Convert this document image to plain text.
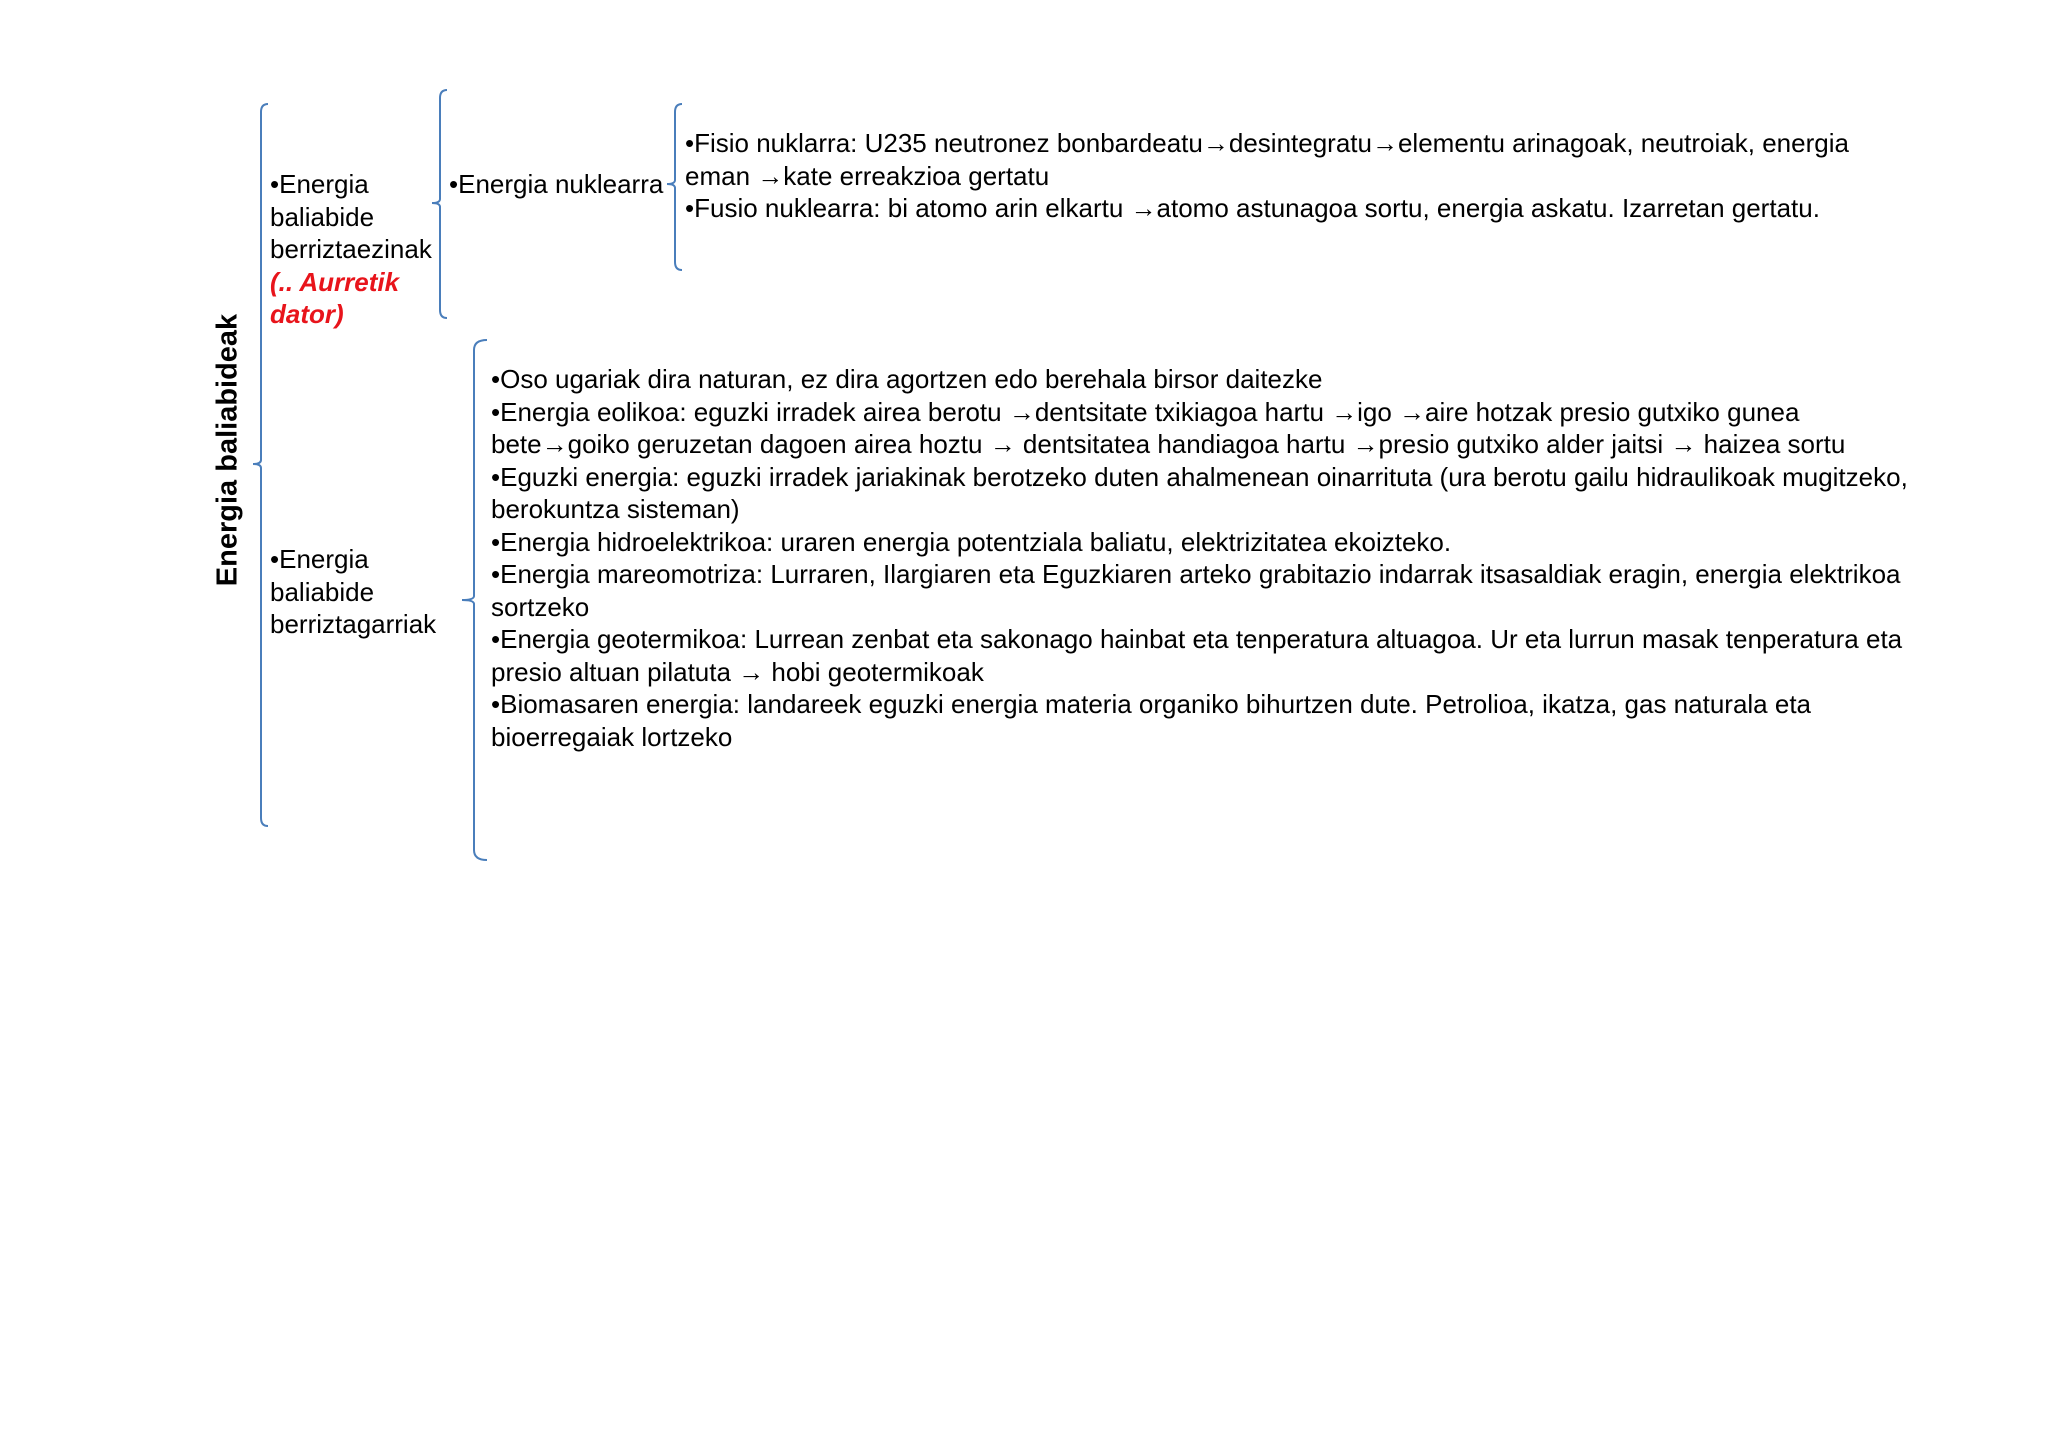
Energia baliabideak
•Energia baliabide berriztaezinak
(.. Aurretik dator)
•Energia nuklearra

•Fisio nuklarra: U235 neutronez bonbardeatu→desintegratu→elementu arinagoak, neutroiak, energia eman →kate erreakzioa gertatu

•Fusio nuklearra: bi atomo arin elkartu →atomo astunagoa sortu, energia askatu. Izarretan gertatu.

•Energia baliabide berriztagarriak

•Oso ugariak dira naturan, ez dira agortzen edo berehala birsor daitezke

•Energia eolikoa: eguzki irradek airea berotu →dentsitate txikiagoa hartu →igo →aire hotzak presio gutxiko gunea bete→goiko geruzetan dagoen airea hoztu → dentsitatea handiagoa hartu →presio gutxiko alder jaitsi → haizea sortu

•Eguzki energia: eguzki irradek jariakinak berotzeko duten ahalmenean oinarrituta (ura berotu gailu hidraulikoak mugitzeko, berokuntza sisteman)

•Energia hidroelektrikoa: uraren energia potentziala baliatu, elektrizitatea ekoizteko.

•Energia mareomotriza: Lurraren, Ilargiaren eta Eguzkiaren arteko grabitazio indarrak itsasaldiak eragin, energia elektrikoa sortzeko

•Energia geotermikoa: Lurrean zenbat eta sakonago hainbat eta tenperatura altuagoa. Ur eta lurrun masak tenperatura eta presio altuan pilatuta → hobi geotermikoak

•Biomasaren energia: landareek eguzki energia materia organiko bihurtzen dute. Petrolioa, ikatza, gas naturala eta bioerregaiak lortzeko
